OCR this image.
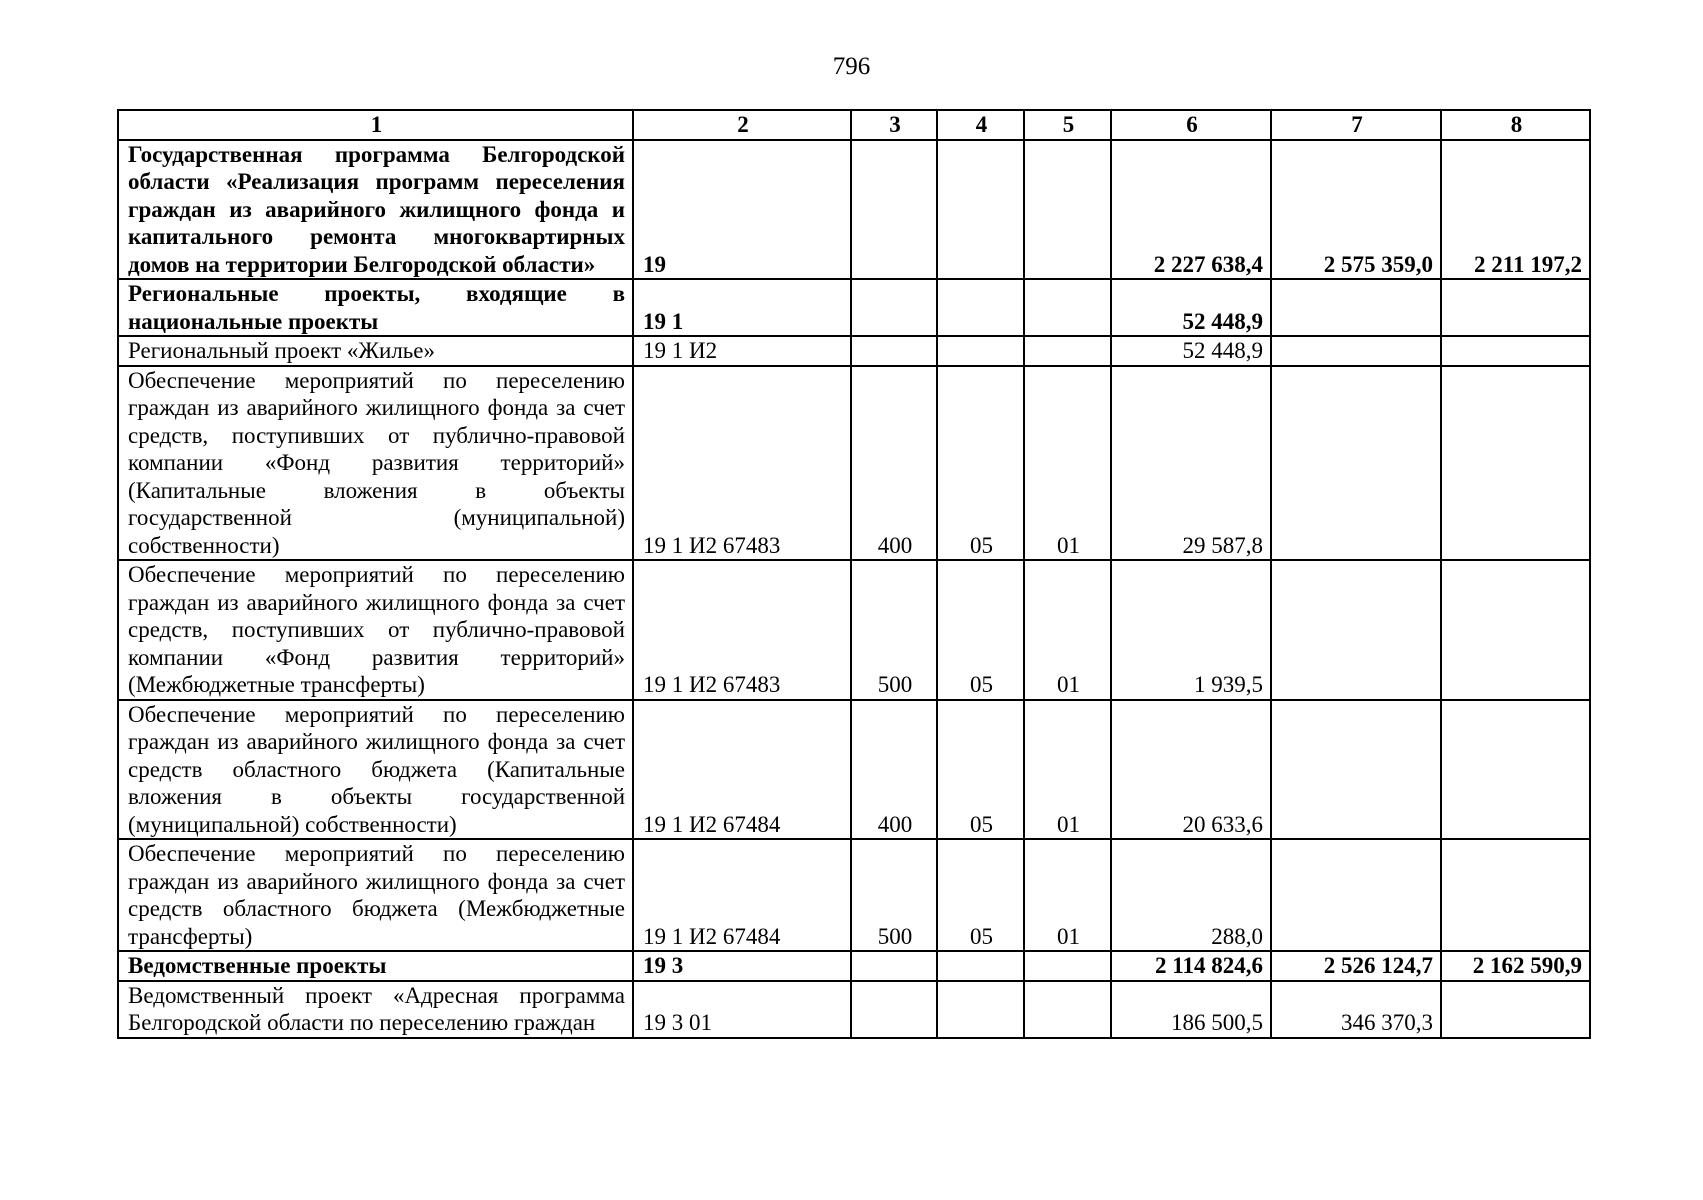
796
1	2	3	4	5	6	7	8
Государственная программа Белгородской области «Реализация программ переселения граждан из аварийного жилищного фонда и капитального ремонта многоквартирных домов на территории Белгородской области»	19				2 227 638,4	2 575 359,0	2 211 197,2
Региональные проекты, входящие в национальные проекты	19 1				52 448,9		
Региональный проект «Жилье»	19 1 И2				52 448,9		
Обеспечение мероприятий по переселению граждан из аварийного жилищного фонда за счет средств, поступивших от публично-правовой компании «Фонд развития территорий» (Капитальные вложения в объекты государственной (муниципальной) собственности)	19 1 И2 67483	400	05	01	29 587,8		
Обеспечение мероприятий по переселению граждан из аварийного жилищного фонда за счет средств, поступивших от публично-правовой компании «Фонд развития территорий» (Межбюджетные трансферты)	19 1 И2 67483	500	05	01	1 939,5		
Обеспечение мероприятий по переселению граждан из аварийного жилищного фонда за счет средств областного бюджета (Капитальные вложения в объекты государственной (муниципальной) собственности)	19 1 И2 67484	400	05	01	20 633,6		
Обеспечение мероприятий по переселению граждан из аварийного жилищного фонда за счет средств областного бюджета (Межбюджетные трансферты)	19 1 И2 67484	500	05	01	288,0		
Ведомственные проекты	19 3				2 114 824,6	2 526 124,7	2 162 590,9
Ведомственный проект «Адресная программа Белгородской области по переселению граждан	19 3 01				186 500,5	346 370,3	
